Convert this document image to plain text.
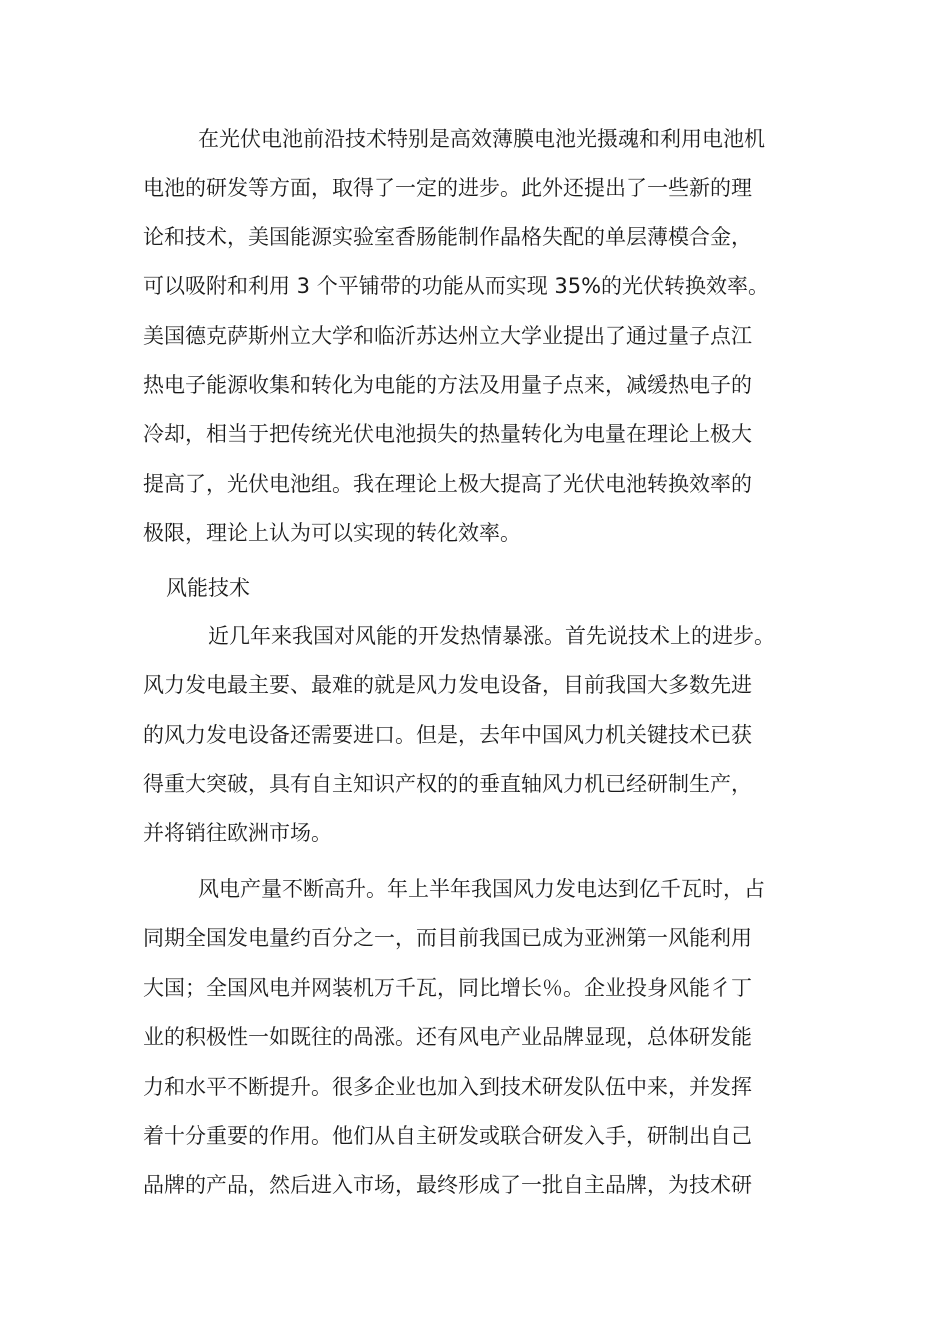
在光伏电池前沿技术特别是高效薄膜电池光摄魂和利用电池机
电池的研发等方面，取得了一定的进步。此外还提出了一些新的理
论和技术，美国能源实验室香肠能制作晶格失配的单层薄模合金，
可以吸附和利用 3 个平铺带的功能从而实现 35%的光伏转换效率。
美国德克萨斯州立大学和临沂苏达州立大学业提出了通过量子点江
热电子能源收集和转化为电能的方法及用量子点来，减缓热电子的
冷却，相当于把传统光伏电池损失的热量转化为电量在理论上极大
提高了，光伏电池组。我在理论上极大提高了光伏电池转换效率的
极限，理论上认为可以实现的转化效率。
风能技术
近几年来我国对风能的开发热情暴涨。首先说技术上的进步。
风力发电最主要、最难的就是风力发电设备，目前我国大多数先进
的风力发电设备还需要进口。但是，去年中国风力机关键技术已获
得重大突破，具有自主知识产权的的垂直轴风力机已经研制生产，
并将销往欧洲市场。
风电产量不断高升。年上半年我国风力发电达到亿千瓦时，占
同期全国发电量约百分之一，而目前我国已成为亚洲第一风能利用
大国；全国风电并网装机万千瓦，同比增长％。企业投身风能彳丁
业的积极性一如既往的咼涨。还有风电产业品牌显现，总体研发能
力和水平不断提升。很多企业也加入到技术研发队伍中来，并发挥
着十分重要的作用。他们从自主研发或联合研发入手，研制出自己
品牌的产品，然后进入市场，最终形成了一批自主品牌，为技术研
